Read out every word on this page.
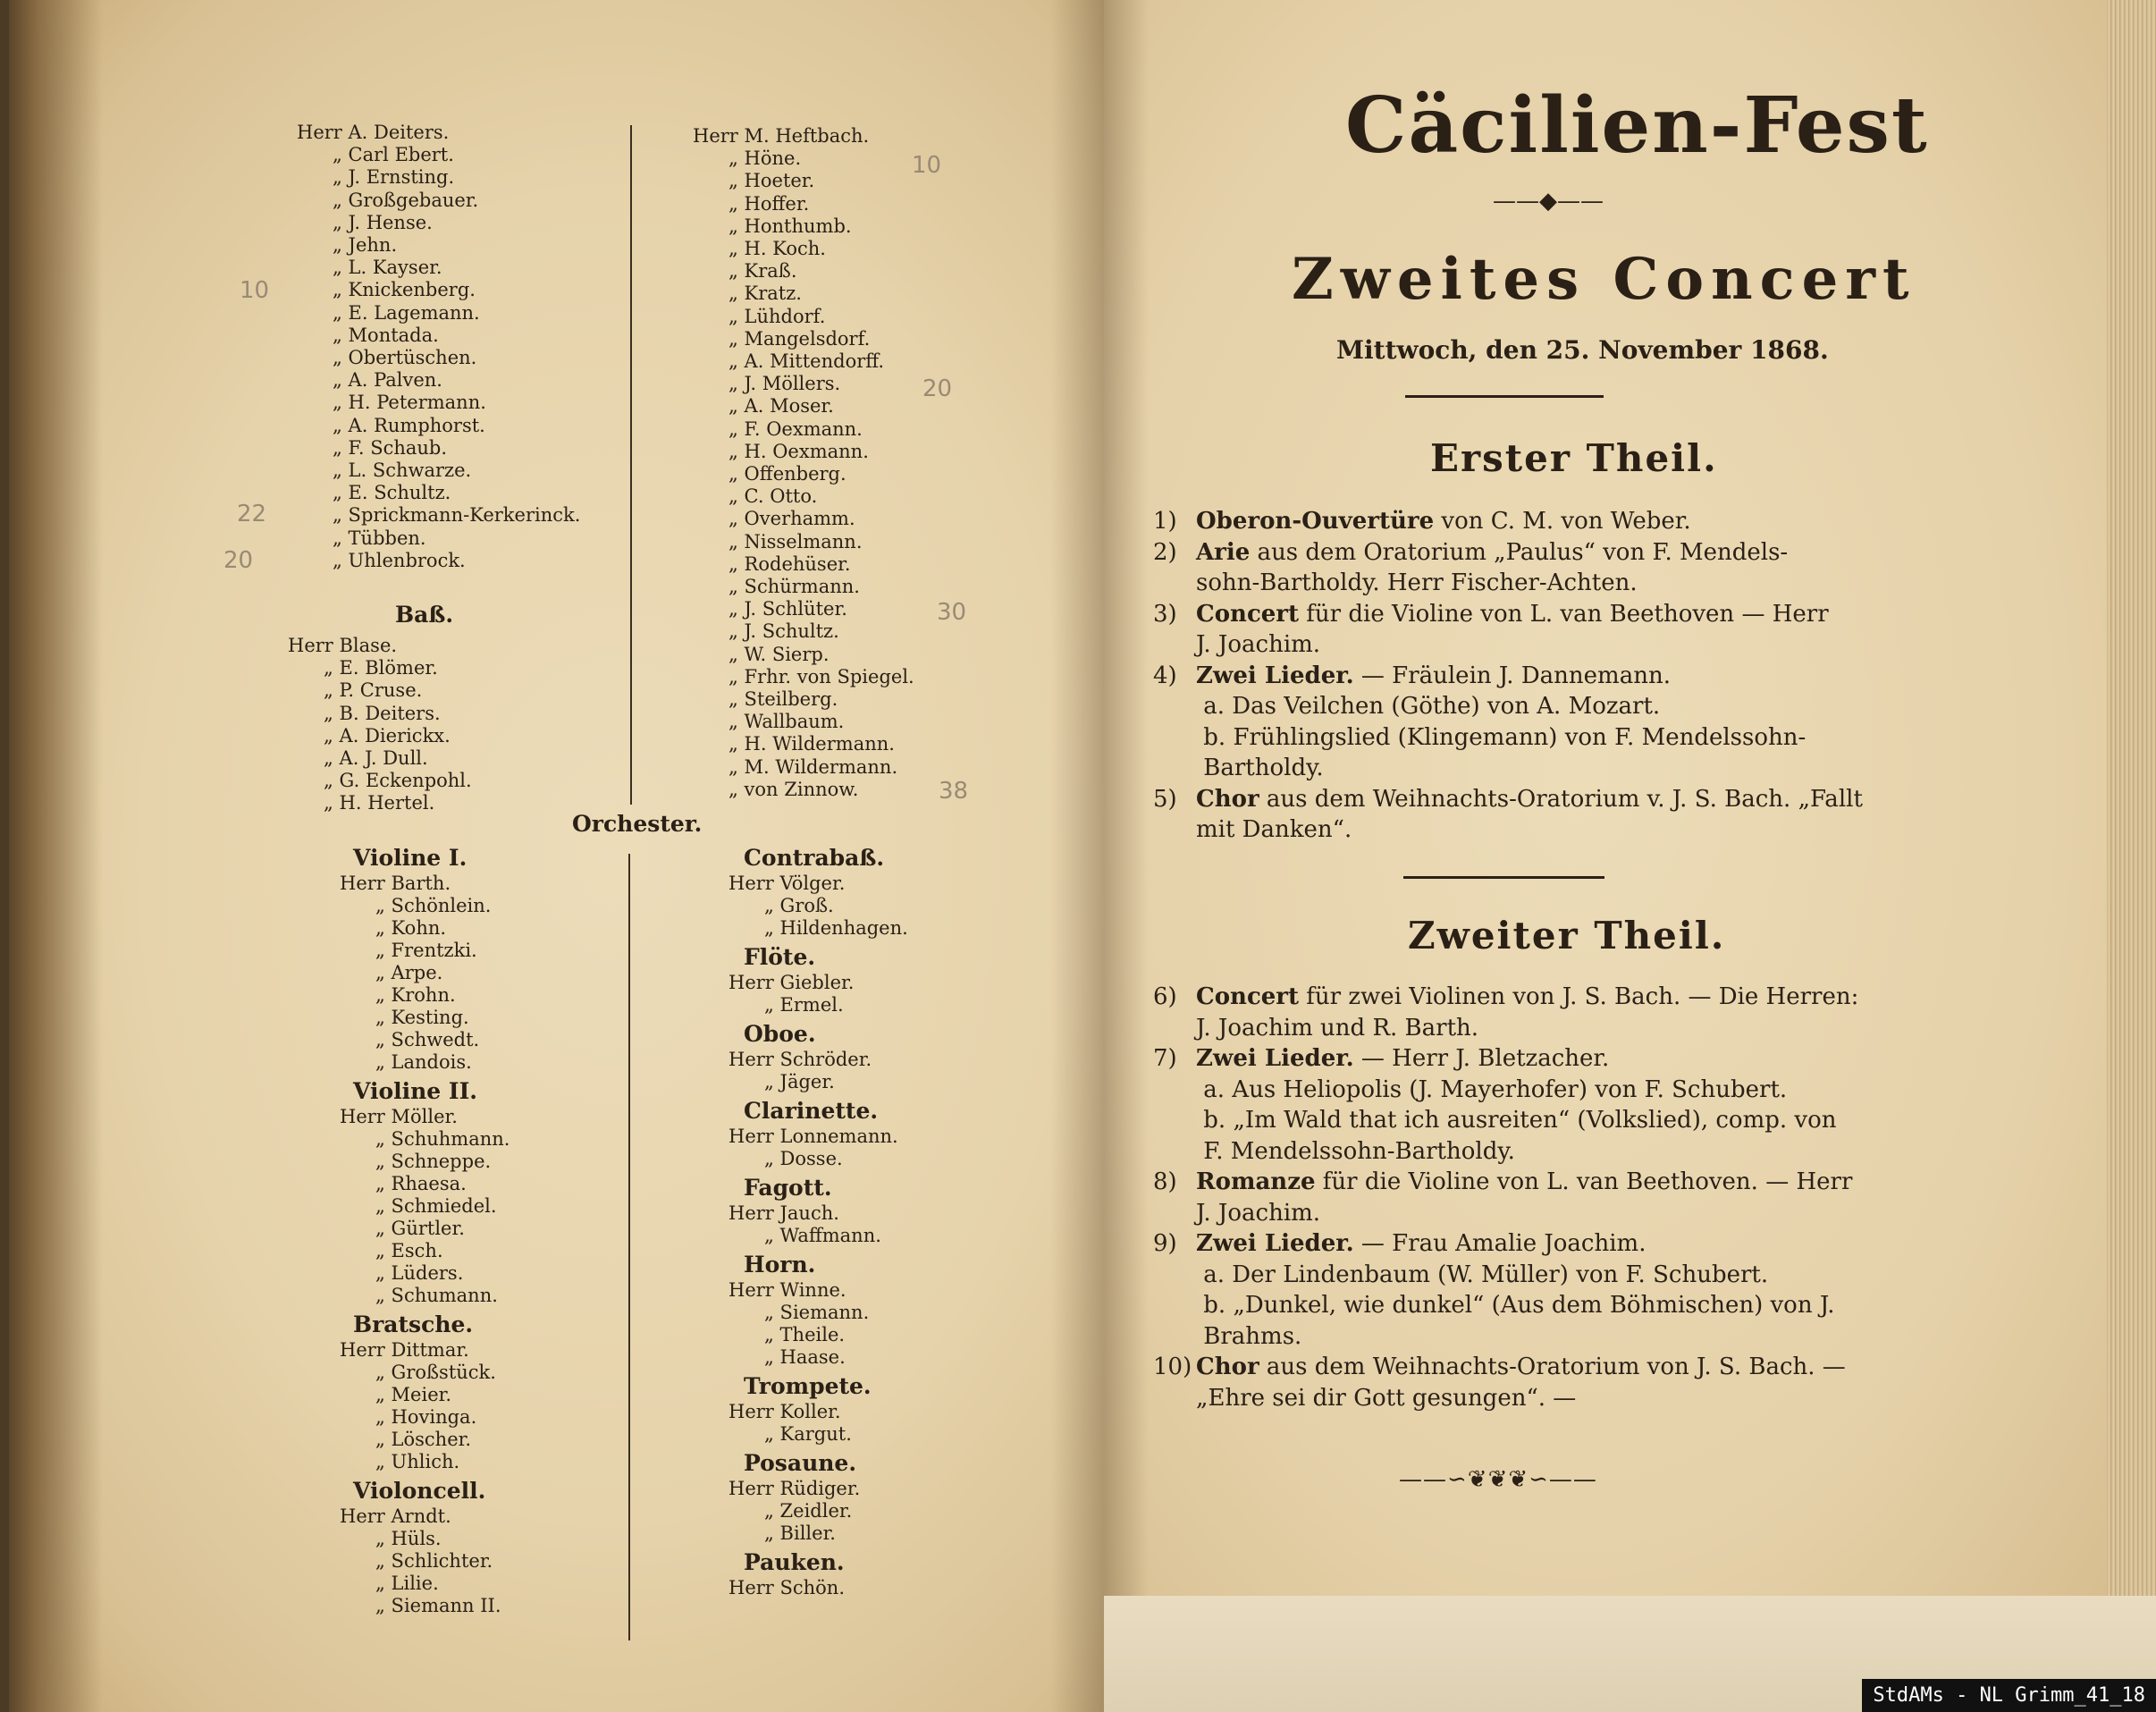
Herr A. Deiters.
„ Carl Ebert.
„ J. Ernsting.
„ Großgebauer.
„ J. Hense.
„ Jehn.
„ L. Kayser.
„ Knickenberg.
„ E. Lagemann.
„ Montada.
„ Obertüschen.
„ A. Palven.
„ H. Petermann.
„ A. Rumphorst.
„ F. Schaub.
„ L. Schwarze.
„ E. Schultz.
„ Sprickmann-Kerkerinck.
„ Tübben.
„ Uhlenbrock.
Baß.
Herr Blase.
„ E. Blömer.
„ P. Cruse.
„ B. Deiters.
„ A. Dierickx.
„ A. J. Dull.
„ G. Eckenpohl.
„ H. Hertel.
Herr M. Heftbach.
„ Höne.
„ Hoeter.
„ Hoffer.
„ Honthumb.
„ H. Koch.
„ Kraß.
„ Kratz.
„ Lühdorf.
„ Mangelsdorf.
„ A. Mittendorff.
„ J. Möllers.
„ A. Moser.
„ F. Oexmann.
„ H. Oexmann.
„ Offenberg.
„ C. Otto.
„ Overhamm.
„ Nisselmann.
„ Rodehüser.
„ Schürmann.
„ J. Schlüter.
„ J. Schultz.
„ W. Sierp.
„ Frhr. von Spiegel.
„ Steilberg.
„ Wallbaum.
„ H. Wildermann.
„ M. Wildermann.
„ von Zinnow.
Orchester.
Violine I.
Herr Barth.
„ Schönlein.
„ Kohn.
„ Frentzki.
„ Arpe.
„ Krohn.
„ Kesting.
„ Schwedt.
„ Landois.
Violine II.
Herr Möller.
„ Schuhmann.
„ Schneppe.
„ Rhaesa.
„ Schmiedel.
„ Gürtler.
„ Esch.
„ Lüders.
„ Schumann.
Bratsche.
Herr Dittmar.
„ Großstück.
„ Meier.
„ Hovinga.
„ Löscher.
„ Uhlich.
Violoncell.
Herr Arndt.
„ Hüls.
„ Schlichter.
„ Lilie.
„ Siemann II.
Contrabaß.
Herr Völger.
„ Groß.
„ Hildenhagen.
Flöte.
Herr Giebler.
„ Ermel.
Oboe.
Herr Schröder.
„ Jäger.
Clarinette.
Herr Lonnemann.
„ Dosse.
Fagott.
Herr Jauch.
„ Waffmann.
Horn.
Herr Winne.
„ Siemann.
„ Theile.
„ Haase.
Trompete.
Herr Koller.
„ Kargut.
Posaune.
Herr Rüdiger.
„ Zeidler.
„ Biller.
Pauken.
Herr Schön.
10
10
20
22
20
30
38
Cäcilien-Fest
——◆——
Zweites Concert
Mittwoch, den 25. November 1868.
Erster Theil.
1) Oberon-Ouvertüre von C. M. von Weber.
2) Arie aus dem Oratorium „Paulus“ von F. Mendels-
sohn-Bartholdy. Herr Fischer-Achten.
3) Concert für die Violine von L. van Beethoven — Herr
J. Joachim.
4) Zwei Lieder. — Fräulein J. Dannemann.
a. Das Veilchen (Göthe) von A. Mozart.
b. Frühlingslied (Klingemann) von F. Mendelssohn-
Bartholdy.
5) Chor aus dem Weihnachts-Oratorium v. J. S. Bach. „Fallt
mit Danken“.
Zweiter Theil.
6) Concert für zwei Violinen von J. S. Bach. — Die Herren:
J. Joachim und R. Barth.
7) Zwei Lieder. — Herr J. Bletzacher.
a. Aus Heliopolis (J. Mayerhofer) von F. Schubert.
b. „Im Wald that ich ausreiten“ (Volkslied), comp. von
F. Mendelssohn-Bartholdy.
8) Romanze für die Violine von L. van Beethoven. — Herr
J. Joachim.
9) Zwei Lieder. — Frau Amalie Joachim.
a. Der Lindenbaum (W. Müller) von F. Schubert.
b. „Dunkel, wie dunkel“ (Aus dem Böhmischen) von J.
Brahms.
10) Chor aus dem Weihnachts-Oratorium von J. S. Bach. —
„Ehre sei dir Gott gesungen“. —
——∽❦❦❦∽——
StdAMs - NL Grimm_41_18
